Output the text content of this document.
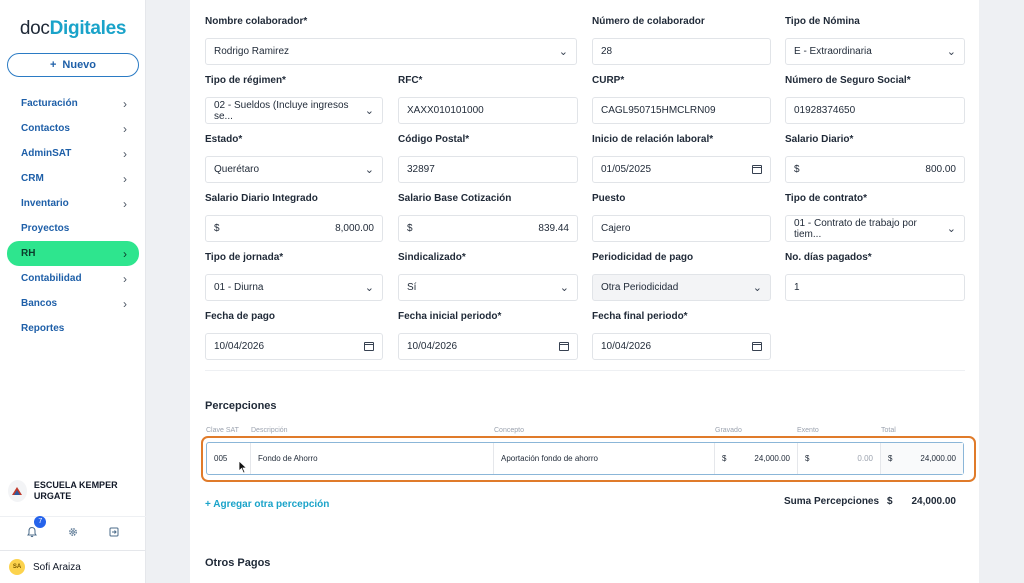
docDigitales
+ Nuevo
Facturación	›
Contactos	›
AdminSAT	›
CRM	›
Inventario	›
Proyectos
RH	›
Contabilidad	›
Bancos	›
Reportes
ESCUELA KEMPER URGATE
7
SA	Sofi Araiza
Nombre colaborador*
Rodrigo Ramirez	⌄
Número de colaborador
28
Tipo de Nómina
E - Extraordinaria	⌄
Tipo de régimen*
02 - Sueldos (Incluye ingresos se...	⌄
RFC*
XAXX010101000
CURP*
CAGL950715HMCLRN09
Número de Seguro Social*
01928374650
Estado*
Querétaro	⌄
Código Postal*
32897
Inicio de relación laboral*
01/05/2025
Salario Diario*
$	800.00
Salario Diario Integrado
$	8,000.00
Salario Base Cotización
$	839.44
Puesto
Cajero
Tipo de contrato*
01 - Contrato de trabajo por tiem...	⌄
Tipo de jornada*
01 - Diurna	⌄
Sindicalizado*
Sí	⌄
Periodicidad de pago
Otra Periodicidad	⌄
No. días pagados*
1
Fecha de pago
10/04/2026
Fecha inicial periodo*
10/04/2026
Fecha final periodo*
10/04/2026
Percepciones
Clave SAT Descripción	Concepto	Gravado	Exento	Total
005	Fondo de Ahorro	Aportación fondo de ahorro	$	24,000.00 $	0.00 $	24,000.00
+ Agregar otra percepción	Suma Percepciones $	24,000.00
Otros Pagos
